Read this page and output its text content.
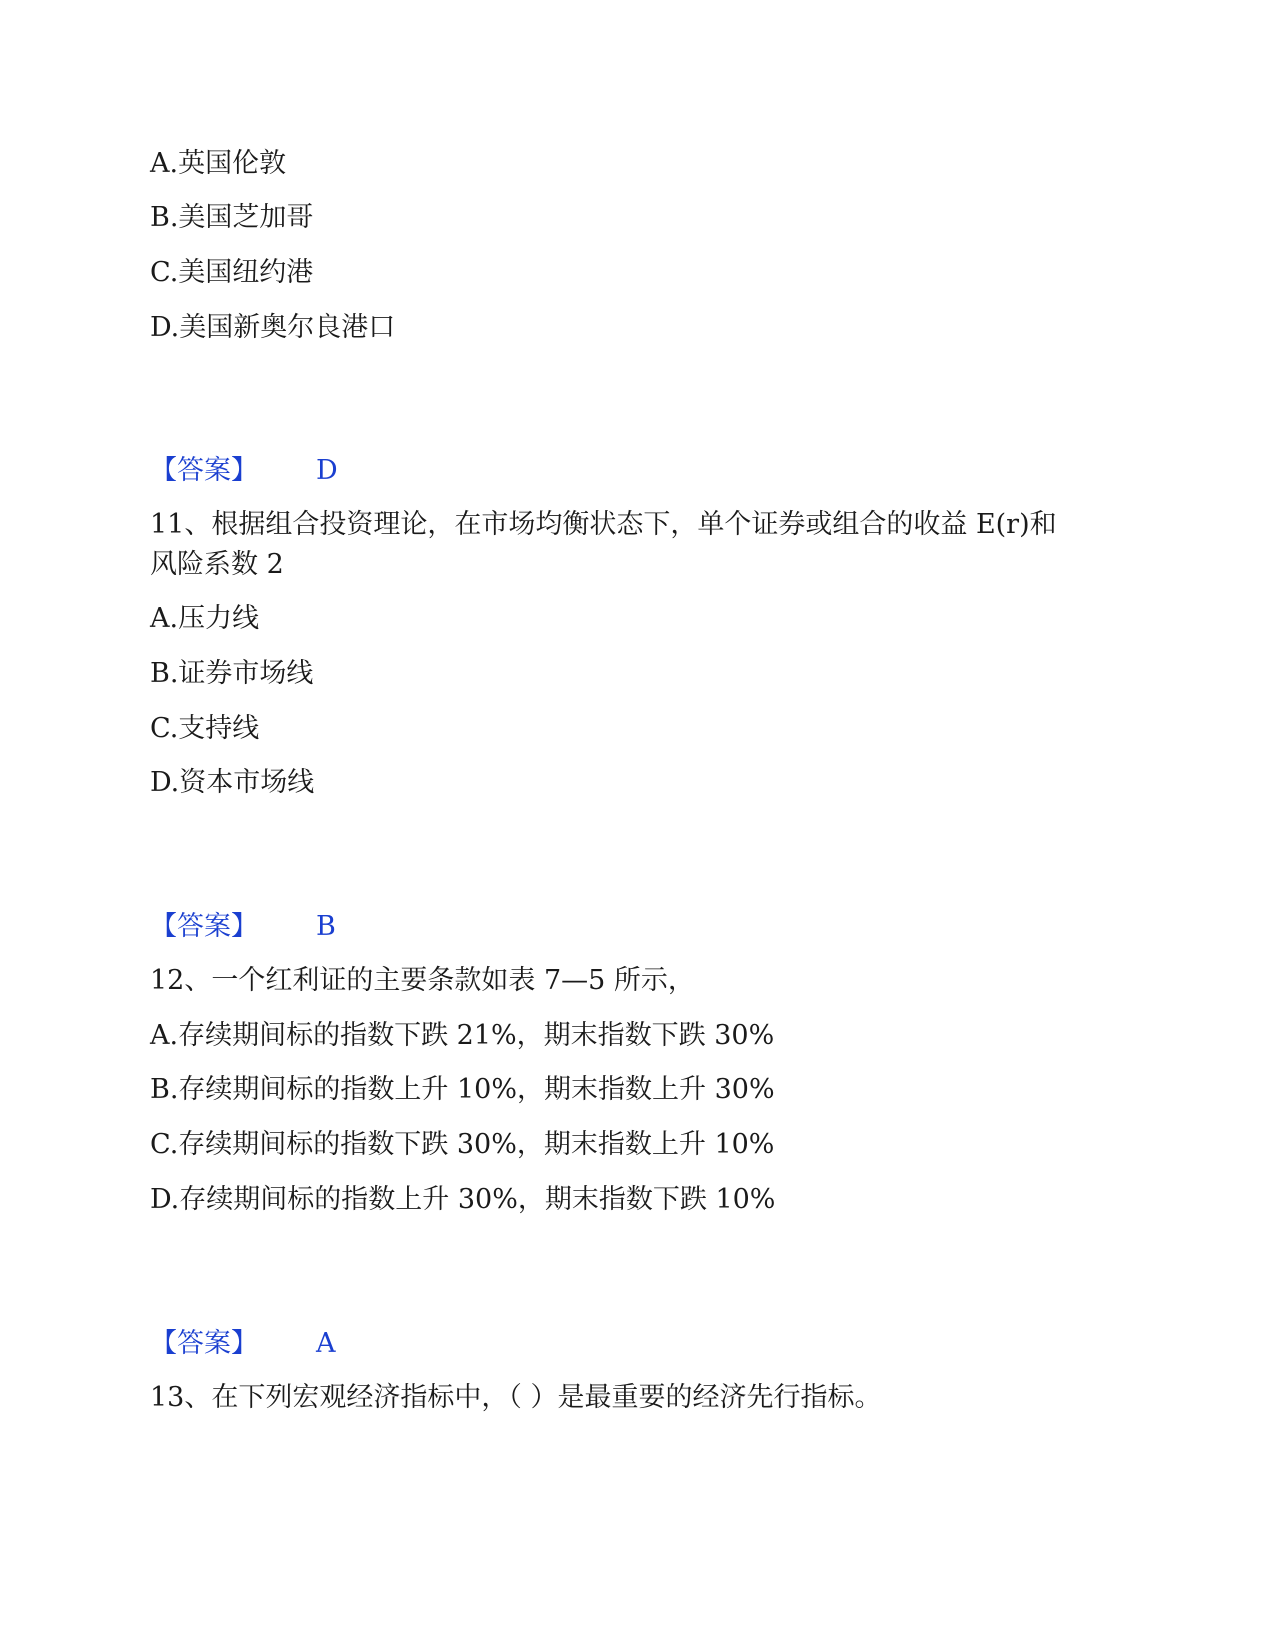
A.英国伦敦
B.美国芝加哥
C.美国纽约港
D.美国新奥尔良港口
【答案】 D
11、根据组合投资理论，在市场均衡状态下，单个证券或组合的收益 E(r)和
风险系数 2
A.压力线
B.证券市场线
C.支持线
D.资本市场线
【答案】 B
12、一个红利证的主要条款如表 7—5 所示，
A.存续期间标的指数下跌 21%，期末指数下跌 30%
B.存续期间标的指数上升 10%，期末指数上升 30%
C.存续期间标的指数下跌 30%，期末指数上升 10%
D.存续期间标的指数上升 30%，期末指数下跌 10%
【答案】 A
13、在下列宏观经济指标中，（ ）是最重要的经济先行指标。
